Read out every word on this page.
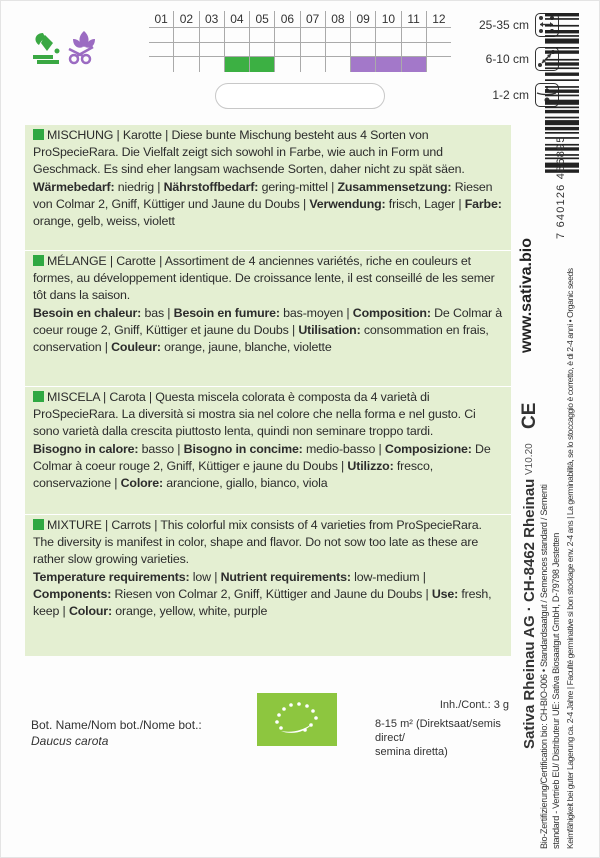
01 02 03 04 05 06 07 08 09 10	11	12	25-35 cm
6-10 cm
1-2 cm

MISCHUNG | Karotte | Diese bunte Mischung besteht aus 4 Sorten von ProSpecieRara. Die Vielfalt zeigt sich sowohl in Farbe, wie auch in Form und Geschmack. Es sind eher langsam wachsende Sorten, daher nicht zu spät säen.

Wärmebedarf: niedrig | Nährstoffbedarf: gering-mittel | Zusammensetzung: Riesen von Colmar 2, Gniff, Küttiger und Jaune du Doubs | Verwendung: frisch, Lager | Farbe: orange, gelb, weiss, violett

MÉLANGE | Carotte | Assortiment de 4 anciennes variétés, riche en couleurs et formes, au développement identique. De croissance lente, il est conseillé de les semer tôt dans la saison.

Besoin en chaleur: bas | Besoin en fumure: bas-moyen | Composition: De Colmar à coeur rouge 2, Gniff, Küttiger et jaune du Doubs | Utilisation: consommation en frais, conservation | Couleur: orange, jaune, blanche, violette

MISCELA | Carota | Questa miscela colorata è composta da 4 varietà di ProSpecieRara. La diversità si mostra sia nel colore che nella forma e nel gusto. Ci sono varietà dalla crescita piuttosto lenta, quindi non seminare troppo tardi.

Bisogno in calore: basso | Bisogno in concime: medio-basso | Composizione: De Colmar à coeur rouge 2, Gniff, Küttiger e jaune du Doubs | Utilizzo: fresco, conservazione | Colore: arancione, giallo, bianco, viola

MIXTURE | Carrots | This colorful mix consists of 4 varieties from ProSpecieRara. The diversity is manifest in color, shape and flavor. Do not sow too late as these are rather slow growing varieties.

Temperature requirements: low | Nutrient requirements: low-medium | Components: Riesen von Colmar 2, Gniff, Küttiger and Jaune du Doubs | Use: fresh, keep | Colour: orange, yellow, white, purple

Bot. Name/Nom bot./Nome bot.:
Daucus carota
Inh./Cont.: 3 g
8-15 m² (Direktsaat/semis direct/
semina diretta)
Sativa Rheinau AG · CH-8462 Rheinau
www.sativa.bio
Bio-Zertifizierung/Certification bio: CH-BIO-006 • Standardsaatgut / Semences standard / Sementi standard - Vertrieb EU/ Distributeur UE: Sativa Biosaatgut GmbH, D-79798 Jestetten Keimfähigkeit bei guter Lagerung ca. 2-4 Jahre | Faculté germinative si bon stockage env. 2-4 ans | La germinabilità, se lo stoccaggio è corretto, è di 2-4 anni • Organic seeds
V10.20
CE
7 640126 486895
